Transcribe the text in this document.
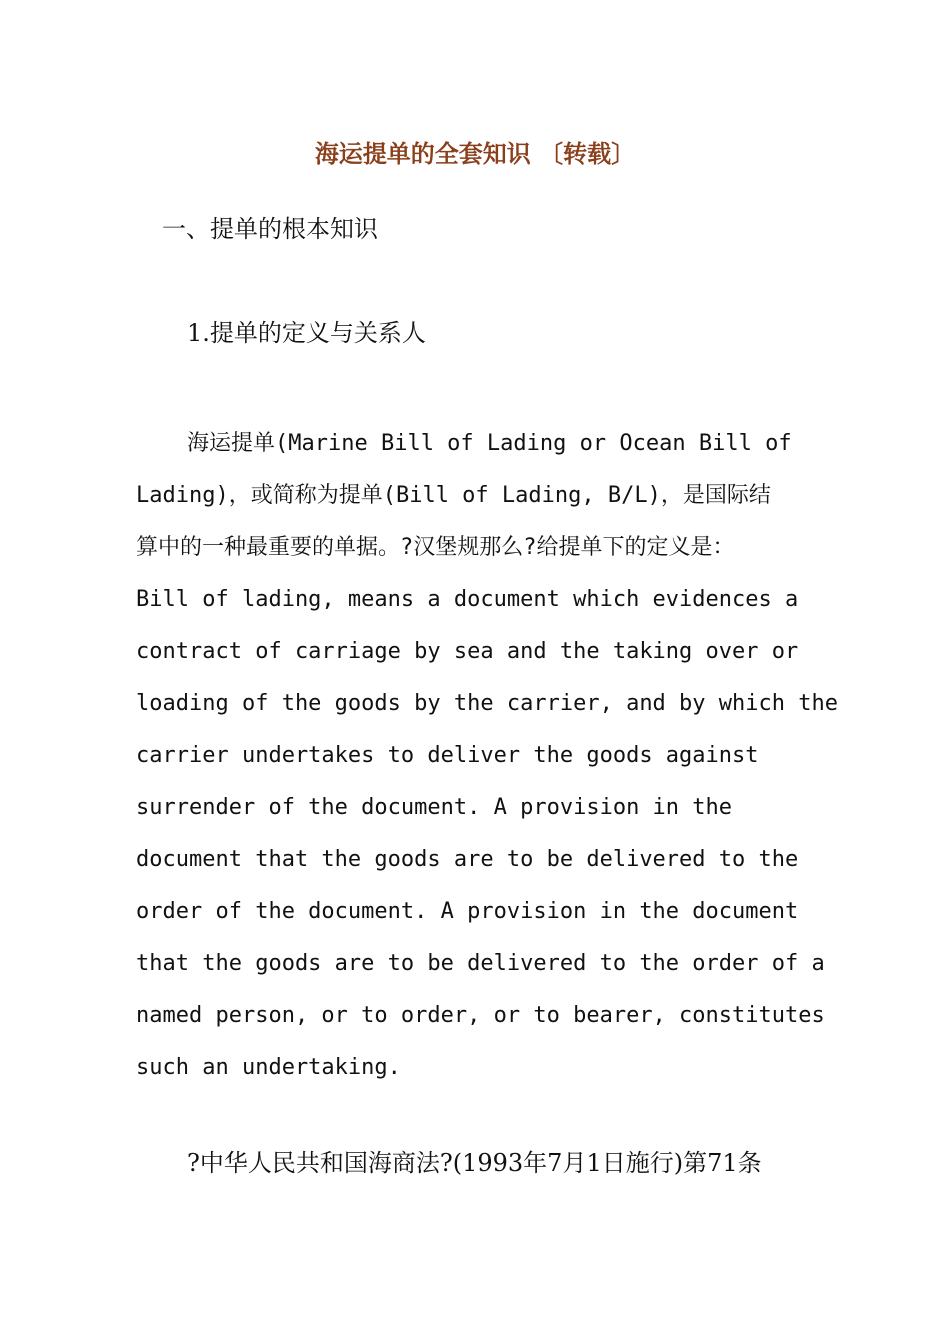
海运提单的全套知识 〔转载〕
一、提单的根本知识
1.提单的定义与关系人
海运提单(Marine Bill of Lading or Ocean Bill of
Lading)，或简称为提单(Bill of Lading, B/L)，是国际结
算中的一种最重要的单据。?汉堡规那么?给提单下的定义是：
Bill of lading, means a document which evidences a
contract of carriage by sea and the taking over or
loading of the goods by the carrier, and by which the
carrier undertakes to deliver the goods against
surrender of the document. A provision in the
document that the goods are to be delivered to the
order of the document. A provision in the document
that the goods are to be delivered to the order of a
named person, or to order, or to bearer, constitutes
such an undertaking.
?中华人民共和国海商法?(1993年7月1日施行)第71条
